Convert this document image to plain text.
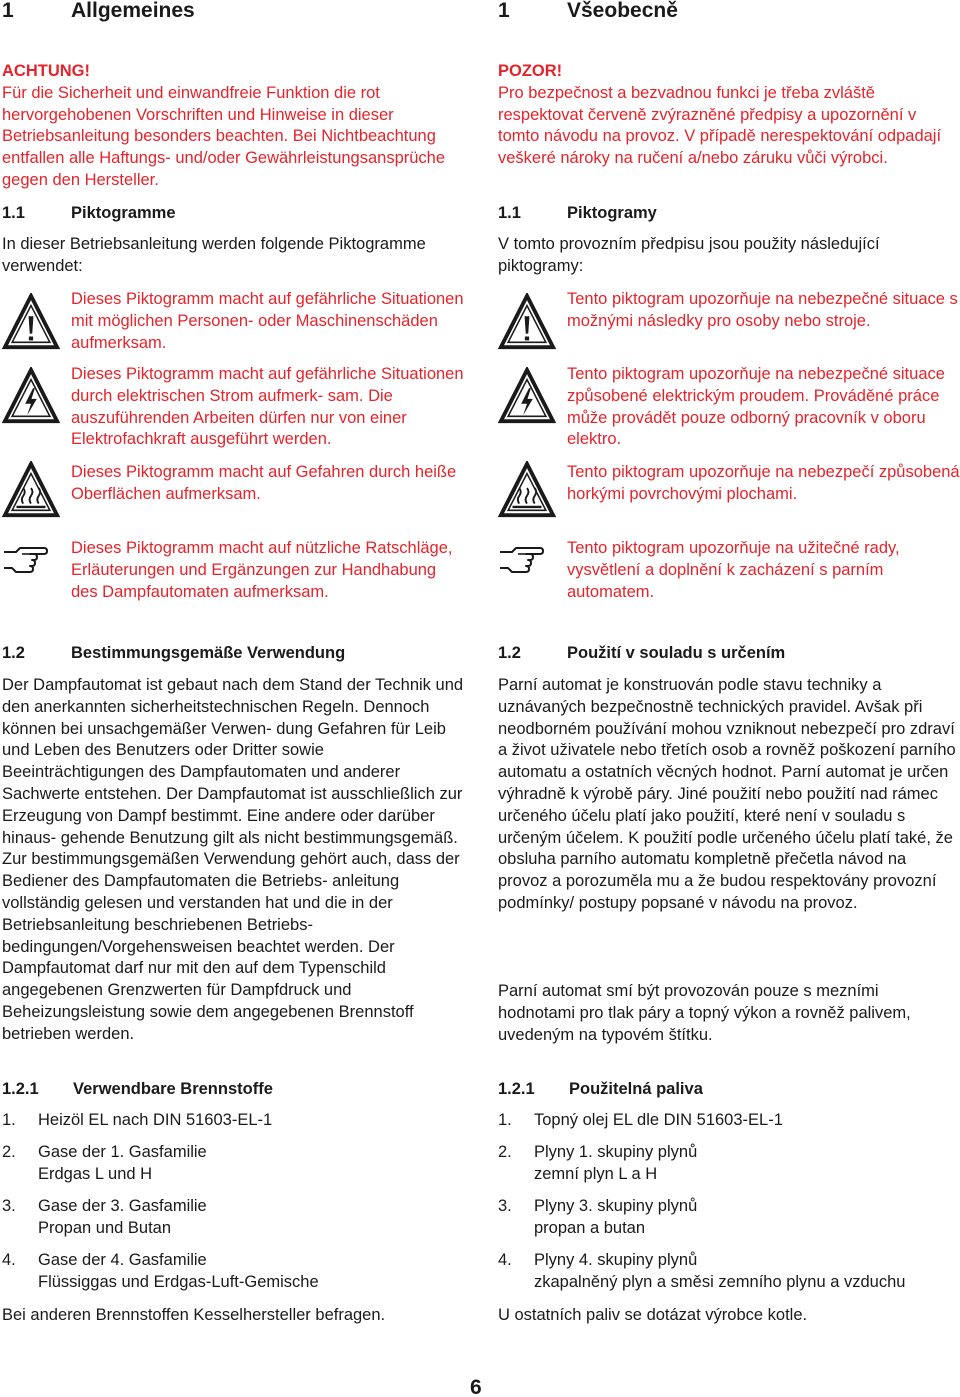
1	Allgemeines
ACHTUNG!
Für die Sicherheit und einwandfreie Funktion die rot hervorgehobenen Vorschriften und Hinweise in dieser Betriebsanleitung besonders beachten. Bei Nichtbeachtung entfallen alle Haftungs- und/oder Gewährleistungsansprüche gegen den Hersteller.
1.1	Piktogramme
In dieser Betriebsanleitung werden folgende Piktogramme verwendet:
Dieses Piktogramm macht auf gefährliche Situationen mit möglichen Personen- oder Maschinenschäden aufmerksam.
Dieses Piktogramm macht auf gefährliche Situationen durch elektrischen Strom aufmerk- sam. Die auszuführenden Arbeiten dürfen nur von einer Elektrofachkraft ausgeführt werden.
Dieses Piktogramm macht auf Gefahren durch heiße Oberflächen aufmerksam.
Dieses Piktogramm macht auf nützliche Ratschläge, Erläuterungen und Ergänzungen zur Handhabung des Dampfautomaten aufmerksam.
1.2	Bestimmungsgemäße Verwendung
Der Dampfautomat ist gebaut nach dem Stand der Technik und den anerkannten sicherheitstechnischen Regeln. Dennoch können bei unsachgemäßer Verwen- dung Gefahren für Leib und Leben des Benutzers oder Dritter sowie Beeinträchtigungen des Dampfautomaten und anderer Sachwerte entstehen. Der Dampfautomat ist ausschließlich zur Erzeugung von Dampf bestimmt. Eine andere oder darüber hinaus- gehende Benutzung gilt als nicht bestimmungsgemäß. Zur bestimmungsgemäßen Verwendung gehört auch, dass der Bediener des Dampfautomaten die Betriebs- anleitung vollständig gelesen und verstanden hat und die in der Betriebsanleitung beschriebenen Betriebs- bedingungen/Vorgehensweisen beachtet werden. Der Dampfautomat darf nur mit den auf dem Typenschild angegebenen Grenzwerten für Dampfdruck und Beheizungsleistung sowie dem angegebenen Brennstoff betrieben werden.
1.2.1 Verwendbare Brennstoffe
1. Heizöl EL nach DIN 51603-EL-1
2. Gase der 1. Gasfamilie
Erdgas L und H
3. Gase der 3. Gasfamilie
Propan und Butan
4. Gase der 4. Gasfamilie
Flüssiggas und Erdgas-Luft-Gemische
Bei anderen Brennstoffen Kesselhersteller befragen.
1	Všeobecně
POZOR!
Pro bezpečnost a bezvadnou funkci je třeba zvláště respektovat červeně zvýrazněné předpisy a upozornění v tomto návodu na provoz. V případě nerespektování odpadají veškeré nároky na ručení a/nebo záruku vůči výrobci.
1.1	Piktogramy
V tomto provozním předpisu jsou použity následující piktogramy:
Tento piktogram upozorňuje na nebezpečné situace s možnými následky pro osoby nebo stroje.
Tento piktogram upozorňuje na nebezpečné situace způsobené elektrickým proudem. Prováděné práce může provádět pouze odborný pracovník v oboru elektro.
Tento piktogram upozorňuje na nebezpečí způsobená horkými povrchovými plochami.
Tento piktogram upozorňuje na užitečné rady, vysvětlení a doplnění k zacházení s parním automatem.
1.2	Použití v souladu s určením
Parní automat je konstruován podle stavu techniky a uznávaných bezpečnostně technických pravidel. Avšak při neodborném používání mohou vzniknout nebezpečí pro zdraví a život uživatele nebo třetích osob a rovněž poškození parního automatu a ostatních věcných hodnot. Parní automat je určen výhradně k výrobě páry. Jiné použití nebo použití nad rámec určeného účelu platí jako použití, které není v souladu s určeným účelem. K použití podle určeného účelu platí také, že obsluha parního automatu kompletně přečetla návod na provoz a porozuměla mu a že budou respektovány provozní podmínky/ postupy popsané v návodu na provoz.
Parní automat smí být provozován pouze s mezními hodnotami pro tlak páry a topný výkon a rovněž palivem, uvedeným na typovém štítku.
1.2.1 Použitelná paliva
1. Topný olej EL dle DIN 51603-EL-1
2. Plyny 1. skupiny plynů
zemní plyn L a H
3. Plyny 3. skupiny plynů
propan a butan
4. Plyny 4. skupiny plynů
zkapalněný plyn a směsi zemního plynu a vzduchu
U ostatních paliv se dotázat výrobce kotle.
6
